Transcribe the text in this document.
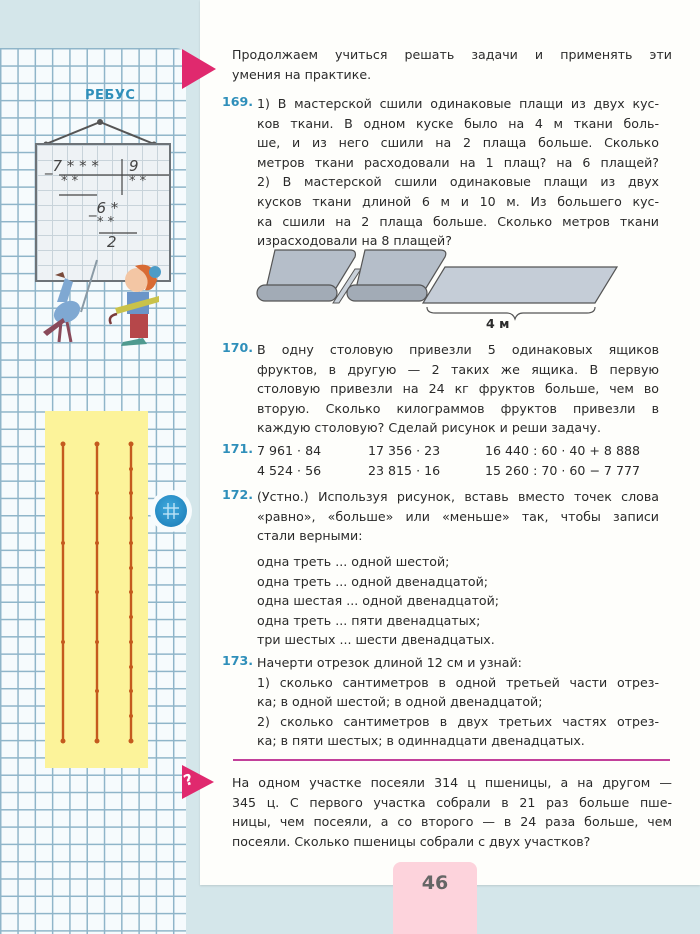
РЕБУС
_7 * * *
* *
_6 *
* *
2
9
* *
Продолжаем учиться решать задачи и применять эти
умения на практике.
169. 1) В мастерской сшили одинаковые плащи из двух кус-
ков ткани. В одном куске было на 4 м ткани боль-
ше, и из него сшили на 2 плаща больше. Сколько
метров ткани расходовали на 1 плащ? на 6 плащей?
2) В мастерской сшили одинаковые плащи из двух
кусков ткани длиной 6 м и 10 м. Из большего кус-
ка сшили на 2 плаща больше. Сколько метров ткани
израсходовали на 8 плащей?
4 м
170. В одну столовую привезли 5 одинаковых ящиков
фруктов, в другую — 2 таких же ящика. В первую
столовую привезли на 24 кг фруктов больше, чем во
вторую. Сколько килограммов фруктов привезли в
каждую столовую? Сделай рисунок и реши задачу.
171. 7 961 · 84
4 524 · 56
17 356 · 23
23 815 · 16
16 440 : 60 · 40 + 8 888
15 260 : 70 · 60 − 7 777
172. (Устно.) Используя рисунок, вставь вместо точек слова
«равно», «больше» или «меньше» так, чтобы записи
стали верными:
одна треть ... одной шестой;
одна треть ... одной двенадцатой;
одна шестая ... одной двенадцатой;
одна треть ... пяти двенадцатых;
три шестых ... шести двенадцатых.
173. Начерти отрезок длиной 12 см и узнай:
1) сколько сантиметров в одной третьей части отрез-
ка; в одной шестой; в одной двенадцатой;
2) сколько сантиметров в двух третьих частях отрез-
ка; в пяти шестых; в одиннадцати двенадцатых.
?	На одном участке посеяли 314 ц пшеницы, а на другом —
345 ц. С первого участка собрали в 21 раз больше пше-
ницы, чем посеяли, а со второго — в 24 раза больше, чем
посеяли. Сколько пшеницы собрали с двух участков?
46
